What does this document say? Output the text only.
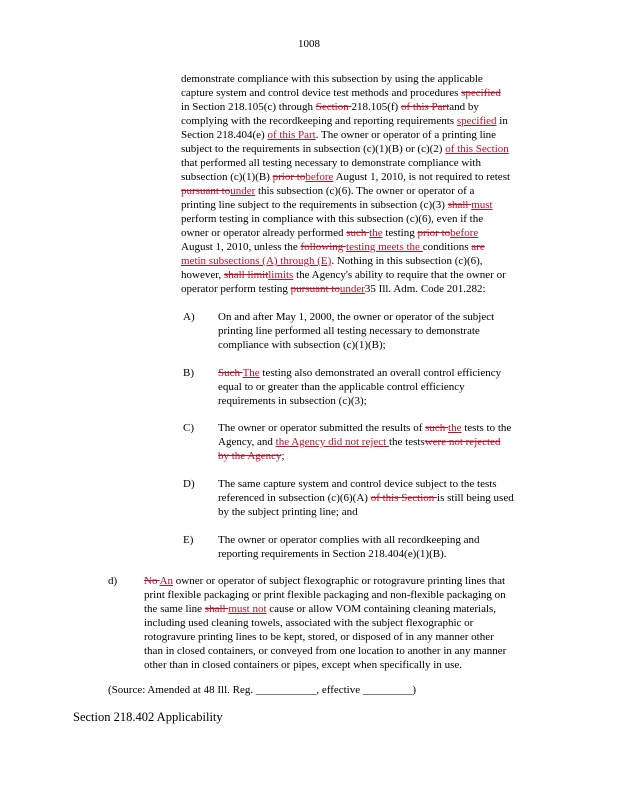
1008
demonstrate compliance with this subsection by using the applicable
capture system and control device test methods and procedures specified
in Section 218.105(c) through Section 218.105(f) of this Partand by
complying with the recordkeeping and reporting requirements specified in
Section 218.404(e) of this Part. The owner or operator of a printing line
subject to the requirements in subsection (c)(1)(B) or (c)(2) of this Section
that performed all testing necessary to demonstrate compliance with
subsection (c)(1)(B) prior tobefore August 1, 2010, is not required to retest
pursuant tounder this subsection (c)(6). The owner or operator of a
printing line subject to the requirements in subsection (c)(3) shall must
perform testing in compliance with this subsection (c)(6), even if the
owner or operator already performed such the testing prior tobefore
August 1, 2010, unless the following testing meets the conditions are
metin subsections (A) through (E). Nothing in this subsection (c)(6),
however, shall limitlimits the Agency's ability to require that the owner or
operator perform testing pursuant tounder35 Ill. Adm. Code 201.282:
A) On and after May 1, 2000, the owner or operator of the subject
printing line performed all testing necessary to demonstrate
compliance with subsection (c)(1)(B);
B) Such The testing also demonstrated an overall control efficiency
equal to or greater than the applicable control efficiency
requirements in subsection (c)(3);
C) The owner or operator submitted the results of such the tests to the
Agency, and the Agency did not reject the testswere not rejected
by the Agency;
D) The same capture system and control device subject to the tests
referenced in subsection (c)(6)(A) of this Section is still being used
by the subject printing line; and
E) The owner or operator complies with all recordkeeping and
reporting requirements in Section 218.404(e)(1)(B).
d) No An owner or operator of subject flexographic or rotogravure printing lines that
print flexible packaging or print flexible packaging and non-flexible packaging on
the same line shall must not cause or allow VOM containing cleaning materials,
including used cleaning towels, associated with the subject flexographic or
rotogravure printing lines to be kept, stored, or disposed of in any manner other
than in closed containers, or conveyed from one location to another in any manner
other than in closed containers or pipes, except when specifically in use.
(Source: Amended at 48 Ill. Reg. ___________, effective _________)
Section 218.402 Applicability
